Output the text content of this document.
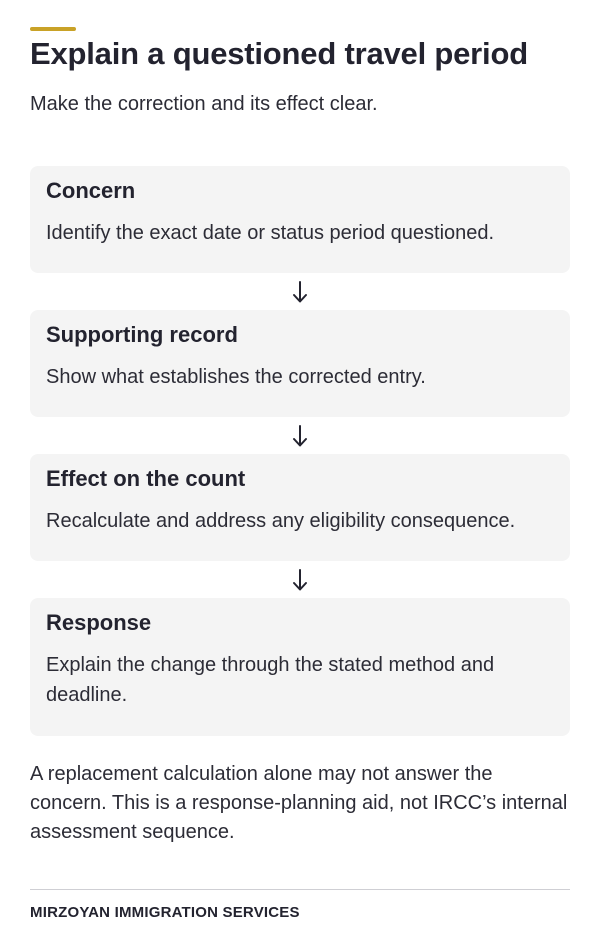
Explain a questioned travel period

Make the correction and its effect clear.

Concern

Identify the exact date or status period questioned.

Supporting record

Show what establishes the corrected entry.

Effect on the count

Recalculate and address any eligibility consequence.

Response

Explain the change through the stated method and deadline.

A replacement calculation alone may not answer the concern. This is a response-planning aid, not IRCC’s internal assessment sequence.

MIRZOYAN IMMIGRATION SERVICES
